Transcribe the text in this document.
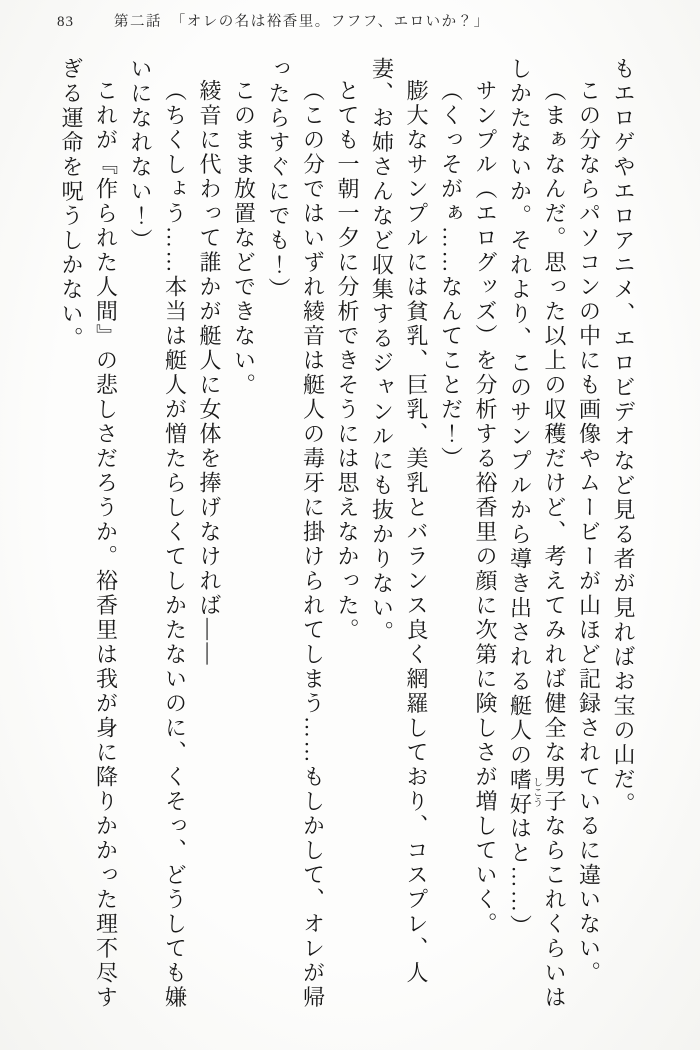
83	第二話　「オレの名は裕香里。フフフ、エロいか？」

もエロゲやエロアニメ、エロビデオなど見る者が見ればお宝の山だ。

この分ならパソコンの中にも画像やムービーが山ほど記録されているに違いない。

（まぁなんだ。思った以上の収穫だけど、考えてみれば健全な男子ならこれくらいはしかたないか。それより、このサンプルから導き出される艇人の嗜好しこうはと……）

サンプル（エログッズ）を分析する裕香里の顔に次第に険しさが増していく。

（くっそがぁ……なんてことだ！）

膨大なサンプルには貧乳、巨乳、美乳とバランス良く網羅しており、コスプレ、人妻、お姉さんなど収集するジャンルにも抜かりない。

とても一朝一夕に分析できそうには思えなかった。

（この分ではいずれ綾音は艇人の毒牙に掛けられてしまう……もしかして、オレが帰ったらすぐにでも！）

このまま放置などできない。

綾音に代わって誰かが艇人に女体を捧げなければ――

（ちくしょう……本当は艇人が憎たらしくてしかたないのに、くそっ、どうしても嫌いになれない！）

これが『作られた人間』の悲しさだろうか。裕香里は我が身に降りかかった理不尽すぎる運命を呪うしかない。
